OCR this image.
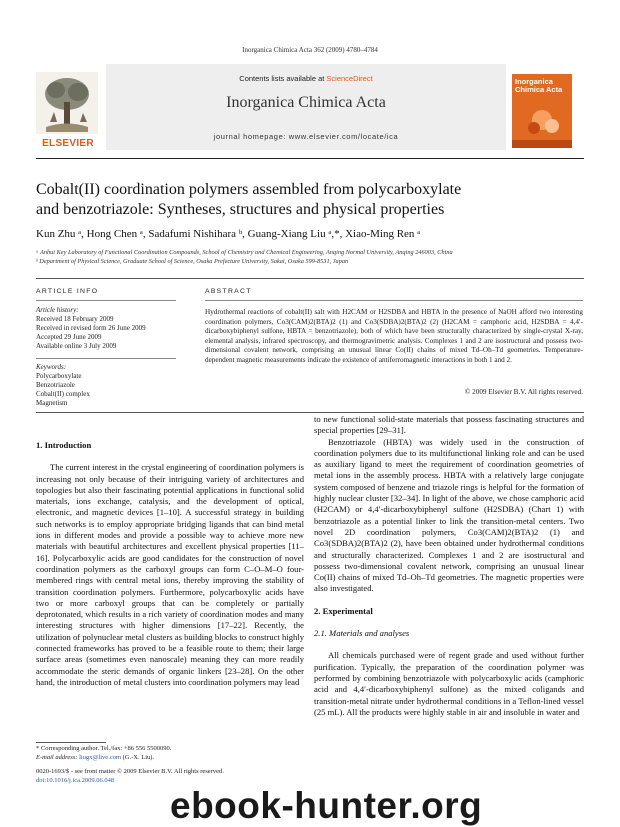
Inorganica Chimica Acta 362 (2009) 4780–4784
ELSEVIER
Contents lists available at ScienceDirect
Inorganica Chimica Acta
journal homepage: www.elsevier.com/locate/ica
Inorganica Chimica Acta
Cobalt(II) coordination polymers assembled from polycarboxylate
and benzotriazole: Syntheses, structures and physical properties
Kun Zhu ᵃ, Hong Chen ᵃ, Sadafumi Nishihara ᵇ, Guang-Xiang Liu ᵃ,*, Xiao-Ming Ren ᵃ
ᵃ Anhui Key Laboratory of Functional Coordination Compounds, School of Chemistry and Chemical Engineering, Anqing Normal University, Anqing 246003, China
ᵇ Department of Physical Science, Graduate School of Science, Osaka Prefecture University, Sakai, Osaka 599-8531, Japan
ARTICLE INFO	ABSTRACT
Article history:
Received 18 February 2009
Received in revised form 26 June 2009
Accepted 29 June 2009
Available online 3 July 2009
Keywords:
Polycarboxylate
Benzotriazole
Cobalt(II) complex
Magnetism
Hydrothermal reactions of cobalt(II) salt with H2CAM or H2SDBA and HBTA in the presence of NaOH afford two interesting coordination polymers, Co3(CAM)2(BTA)2 (1) and Co3(SDBA)2(BTA)2 (2) (H2CAM = camphoric acid, H2SDBA = 4,4′-dicarboxybiphenyl sulfone, HBTA = benzotriazole), both of which have been structurally characterized by single-crystal X-ray, elemental analysis, infrared spectroscopy, and thermogravimetric analysis. Complexes 1 and 2 are isostructural and possess two-dimensional covalent network, comprising an unusual linear Co(II) chains of mixed Td–Oh–Td geometries. Temperature-dependent magnetic measurements indicate the existence of antiferromagnetic interactions in both 1 and 2.
© 2009 Elsevier B.V. All rights reserved.
1. Introduction

The current interest in the crystal engineering of coordination polymers is increasing not only because of their intriguing variety of architectures and topologies but also their fascinating potential applications in functional solid materials, ions exchange, catalysis, and the development of optical, electronic, and magnetic devices [1–10]. A successful strategy in building such networks is to employ appropriate bridging ligands that can bind metal ions in different modes and provide a possible way to achieve more new materials with beautiful architectures and excellent physical properties [11–16]. Polycarboxylic acids are good candidates for the construction of novel coordination polymers as the carboxyl groups can form C–O–M–O four-membered rings with central metal ions, thereby improving the stability of transition coordination polymers. Furthermore, polycarboxylic acids have two or more carboxyl groups that can be completely or partially deprotonated, which results in a rich variety of coordination modes and many interesting structures with higher dimensions [17–22]. Recently, the utilization of polynuclear metal clusters as building blocks to construct highly connected frameworks has proved to be a feasible route to them; their large surface areas (sometimes even nanoscale) meaning they can more readily accommodate the steric demands of organic linkers [23–28]. On the other hand, the introduction of metal clusters into coordination polymers may lead

to new functional solid-state materials that possess fascinating structures and special properties [29–31].

Benzotriazole (HBTA) was widely used in the construction of coordination polymers due to its multifunctional linking role and can be used as auxiliary ligand to meet the requirement of coordination geometries of metal ions in the assembly process. HBTA with a relatively large conjugate system composed of benzene and triazole rings is helpful for the formation of highly nuclear cluster [32–34]. In light of the above, we chose camphoric acid (H2CAM) or 4,4′-dicarboxybiphenyl sulfone (H2SDBA) (Chart 1) with benzotriazole as a potential linker to link the transition-metal centers. Two novel 2D coordination polymers, Co3(CAM)2(BTA)2 (1) and Co3(SDBA)2(BTA)2 (2), have been obtained under hydrothermal conditions and structurally characterized. Complexes 1 and 2 are isostructural and possess two-dimensional covalent network, comprising an unusual linear Co(II) chains of mixed Td–Oh–Td geometries. The magnetic properties were also investigated.

2. Experimental
2.1. Materials and analyses

All chemicals purchased were of regent grade and used without further purification. Typically, the preparation of the coordination polymer was performed by combining benzotriazole with polycarboxylic acids (camphoric acid and 4,4′-dicarboxybiphenyl sulfone) as the mixed coligands and transition-metal nitrate under hydrothermal conditions in a Teflon-lined vessel (25 mL). All the products were highly stable in air and insoluble in water and

* Corresponding author. Tel./fax: +86 556 5500090.
E-mail address: liugx@live.com (G.-X. Liu).
0020-1693/$ - see front matter © 2009 Elsevier B.V. All rights reserved.
doi:10.1016/j.ica.2009.06.048
ebook-hunter.org
